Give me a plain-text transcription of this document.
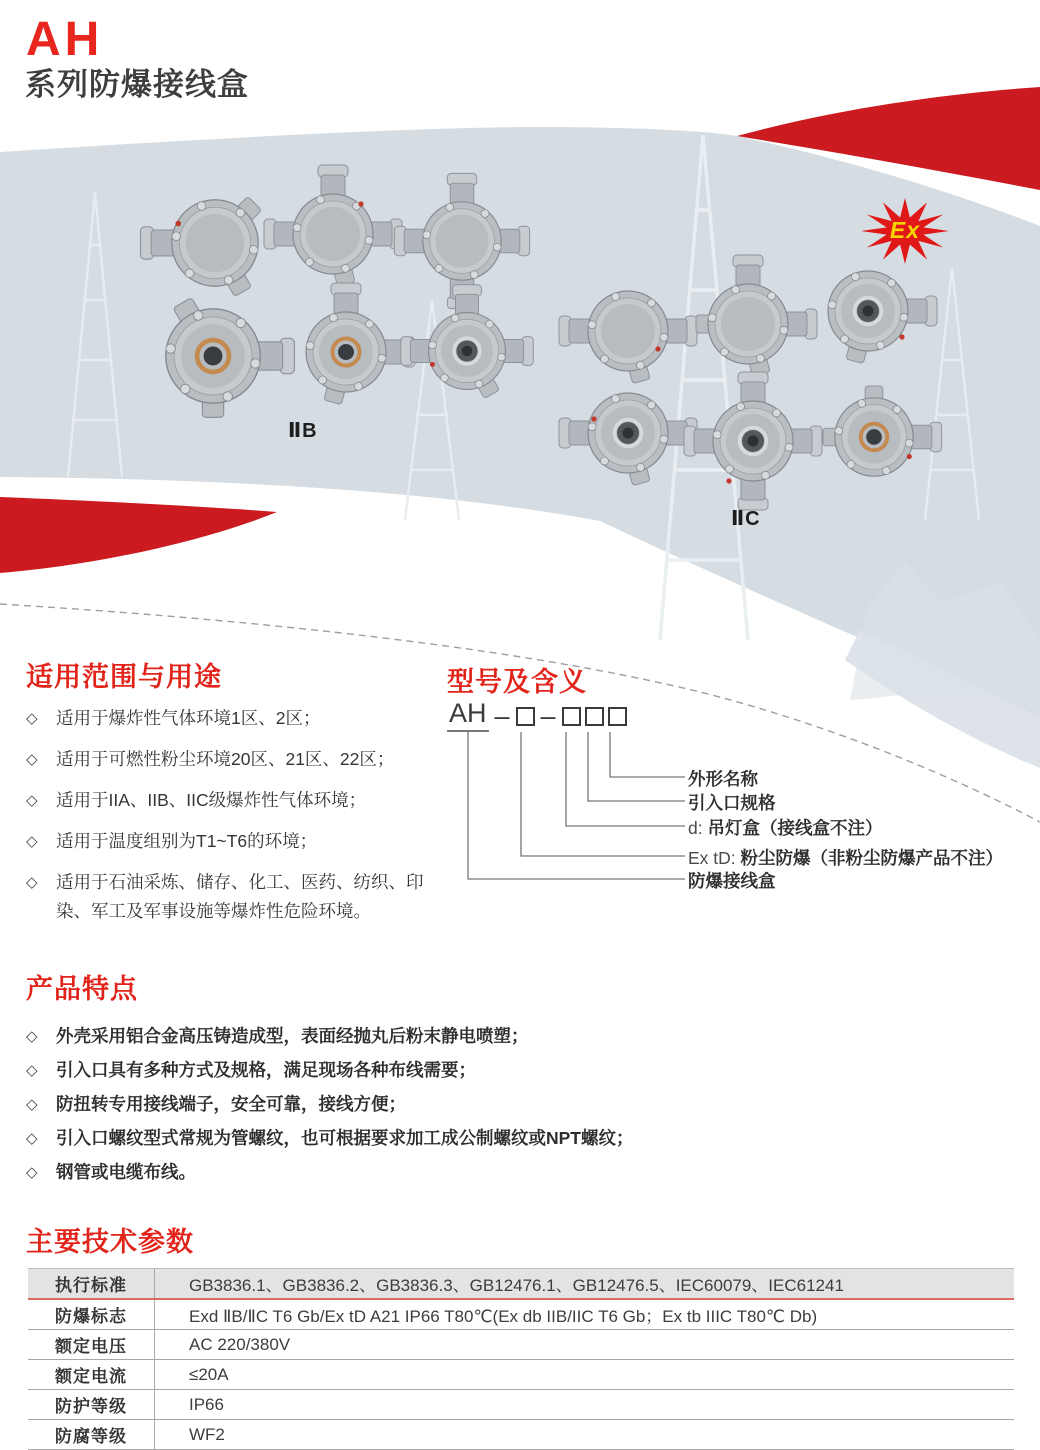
ⅡB
ⅡC
Ex
AH
系列防爆接线盒
适用范围与用途
◇	适用于爆炸性气体环境1区、2区；
◇	适用于可燃性粉尘环境20区、21区、22区；
◇	适用于IIA、IIB、IIC级爆炸性气体环境；
◇	适用于温度组别为T1~T6的环境；
◇	适用于石油采炼、储存、化工、医药、纺织、印染、军工及军事设施等爆炸性危险环境。
型号及含义
AH – –
外形名称
引入口规格
d: 吊灯盒（接线盒不注）
Ex tD: 粉尘防爆（非粉尘防爆产品不注）
防爆接线盒
产品特点
◇	外壳采用铝合金高压铸造成型，表面经抛丸后粉末静电喷塑；
◇	引入口具有多种方式及规格，满足现场各种布线需要；
◇	防扭转专用接线端子，安全可靠，接线方便；
◇	引入口螺纹型式常规为管螺纹，也可根据要求加工成公制螺纹或NPT螺纹；
◇	钢管或电缆布线。
主要技术参数
执行标准	GB3836.1、GB3836.2、GB3836.3、GB12476.1、GB12476.5、IEC60079、IEC61241
防爆标志	Exd ⅡB/ⅡC T6 Gb/Ex tD A21 IP66 T80℃(Ex db IIB/IIC T6 Gb；Ex tb IIIC T80℃ Db)
额定电压	AC 220/380V
额定电流	≤20A
防护等级	IP66
防腐等级	WF2
